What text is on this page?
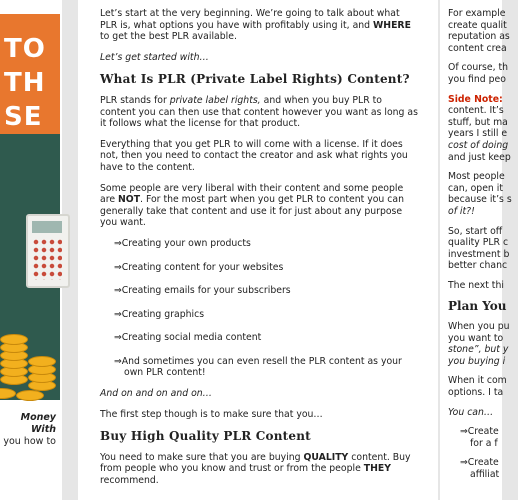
TO
TH
SE
Money With
you how to

Let’s start at the very beginning. We’re going to talk about what PLR is, what options you have with profitably using it, and WHERE to get the best PLR available.

Let’s get started with…

What Is PLR (Private Label Rights) Content?

PLR stands for private label rights, and when you buy PLR to content you can then use that content however you want as long as it follows what the license for that product.

Everything that you get PLR to will come with a license. If it does not, then you need to contact the creator and ask what rights you have to the content.

Some people are very liberal with their content and some people are NOT. For the most part when you get PLR to content you can generally take that content and use it for just about any purpose you want.

⇒Creating your own products
⇒Creating content for your websites
⇒Creating emails for your subscribers
⇒Creating graphics
⇒Creating social media content
⇒And sometimes you can even resell the PLR content as your own PLR content!

And on and on and on…

The first step though is to make sure that you…

Buy High Quality PLR Content

You need to make sure that you are buying QUALITY content. Buy from people who you know and trust or from the people THEY recommend.

For example
create qualit
reputation as
content crea

Of course, th
you find peo

Side Note:
content. It’s
stuff, but ma
years I still e
cost of doing
and just keep

Most people
can, open it
because it’s s
of it?!

So, start off
quality PLR c
investment b
better chanc

The next thi

Plan You

When you pu
you want to
stone”, but y
you buying i

When it com
options. I ta

You can…

⇒Create
for a f

⇒Create
affiliat
